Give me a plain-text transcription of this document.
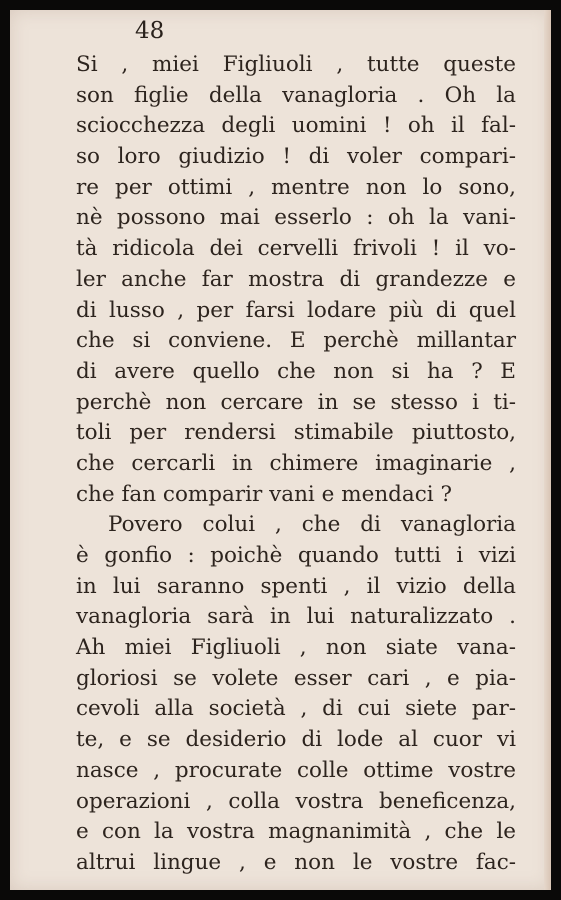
48
Si , miei Figliuoli , tutte queste
son figlie della vanagloria . Oh la
sciocchezza degli uomini ! oh il fal-
so loro giudizio ! di voler compari-
re per ottimi , mentre non lo sono,
nè possono mai esserlo : oh la vani-
tà ridicola dei cervelli frivoli ! il vo-
ler anche far mostra di grandezze e
di lusso , per farsi lodare più di quel
che si conviene. E perchè millantar
di avere quello che non si ha ? E
perchè non cercare in se stesso i ti-
toli per rendersi stimabile piuttosto,
che cercarli in chimere imaginarie ,
che fan comparir vani e mendaci ?
Povero colui , che di vanagloria
è gonfio : poichè quando tutti i vizi
in lui saranno spenti , il vizio della
vanagloria sarà in lui naturalizzato .
Ah miei Figliuoli , non siate vana-
gloriosi se volete esser cari , e pia-
cevoli alla società , di cui siete par-
te, e se desiderio di lode al cuor vi
nasce , procurate colle ottime vostre
operazioni , colla vostra beneficenza,
e con la vostra magnanimità , che le
altrui lingue , e non le vostre fac-
